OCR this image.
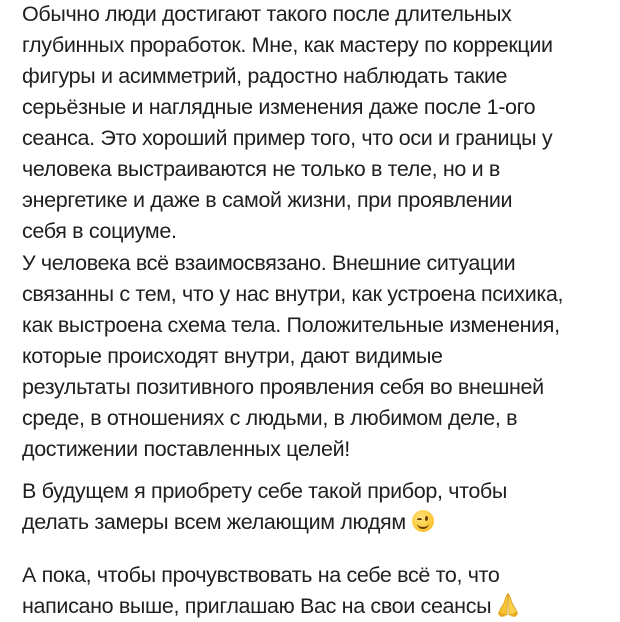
Обычно люди достигают такого после длительных
глубинных проработок. Мне, как мастеру по коррекции
фигуры и асимметрий, радостно наблюдать такие
серьёзные и наглядные изменения даже после 1-ого
сеанса. Это хороший пример того, что оси и границы у
человека выстраиваются не только в теле, но и в
энергетике и даже в самой жизни, при проявлении
себя в социуме.

У человека всё взаимосвязано. Внешние ситуации
связанны с тем, что у нас внутри, как устроена психика,
как выстроена схема тела. Положительные изменения,
которые происходят внутри, дают видимые
результаты позитивного проявления себя во внешней
среде, в отношениях с людьми, в любимом деле, в
достижении поставленных целей!

В будущем я приобрету себе такой прибор, чтобы
делать замеры всем желающим людям

А пока, чтобы прочувствовать на себе всё то, что
написано выше, приглашаю Вас на свои сеансы
